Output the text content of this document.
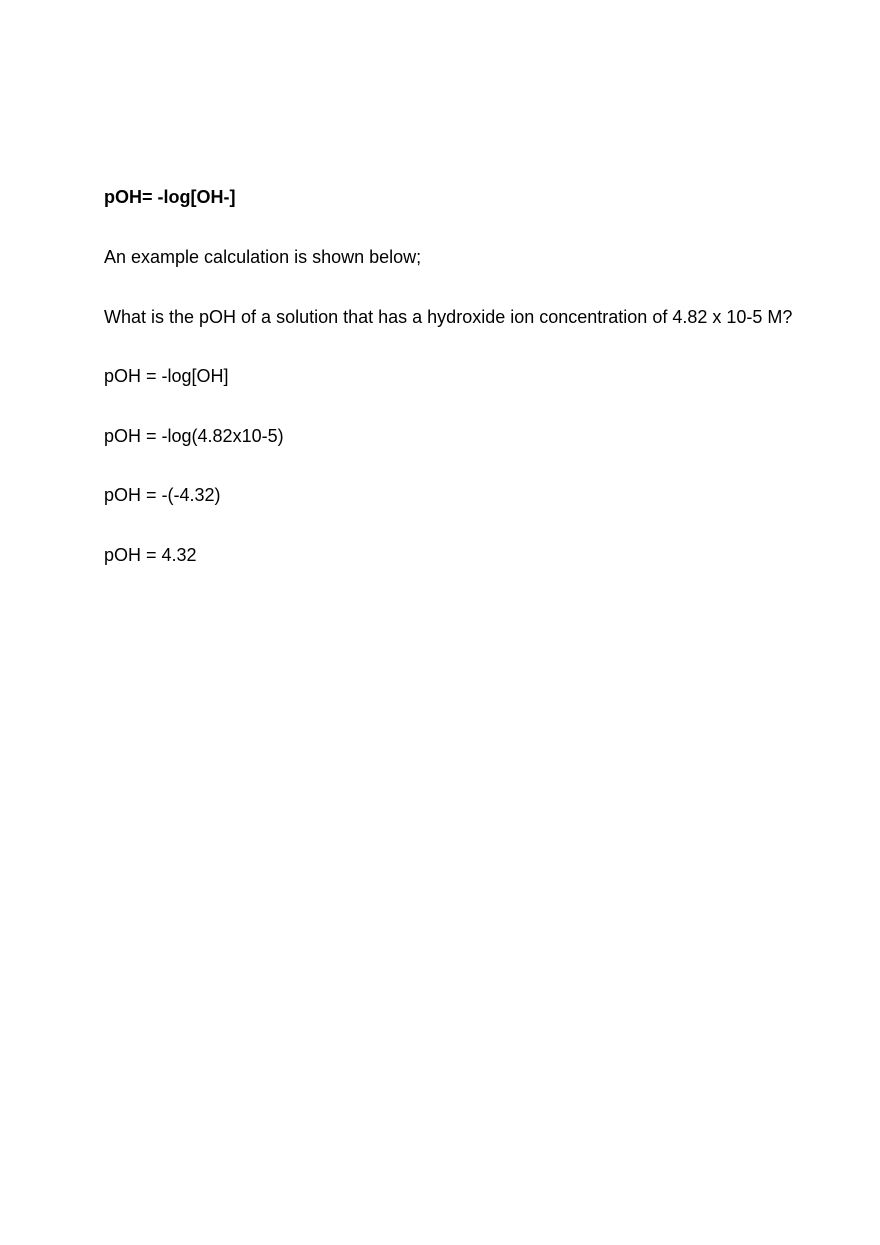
pOH= -log[OH-]

An example calculation is shown below;

What is the pOH of a solution that has a hydroxide ion concentration of 4.82 x 10-5 M?

pOH = -log[OH]

pOH = -log(4.82x10-5)

pOH = -(-4.32)

pOH = 4.32
